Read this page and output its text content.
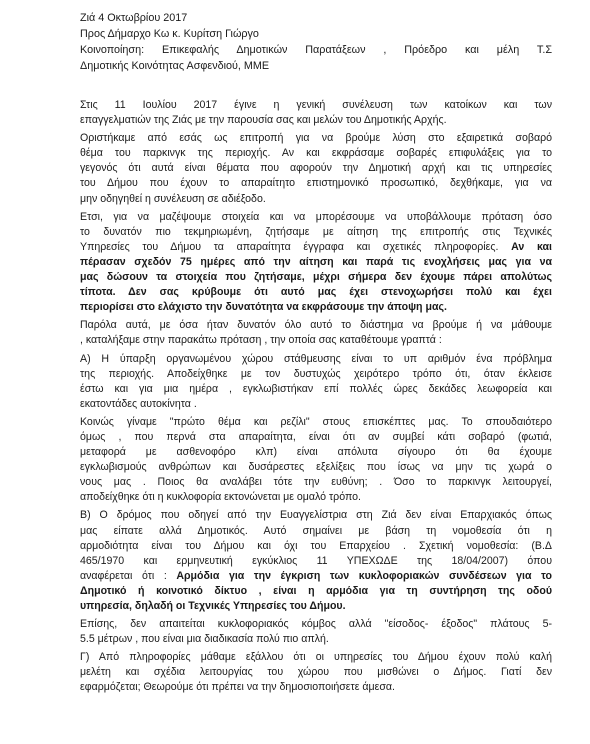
Ζιά 4 Οκτωβρίου 2017
Προς Δήμαρχο Κω κ. Κυρίτση Γιώργο
Κοινοποίηση: Επικεφαλής Δημοτικών Παρατάξεων , Πρόεδρο και μέλη Τ.Σ
Δημοτικής Κοινότητας Ασφενδιού, ΜΜΕ
Στις 11 Ιουλίου 2017 έγινε η γενική συνέλευση των κατοίκων και των
επαγγελματιών της Ζιάς με την παρουσία σας και μελών του Δημοτικής Αρχής.
Οριστήκαμε από εσάς ως επιτροπή για να βρούμε λύση στο εξαιρετικά σοβαρό
θέμα του παρκινγκ της περιοχής. Αν και εκφράσαμε σοβαρές επιφυλάξεις για το
γεγονός ότι αυτά είναι θέματα που αφορούν την Δημοτική αρχή και τις υπηρεσίες
του Δήμου που έχουν το απαραίτητο επιστημονικό προσωπικό, δεχθήκαμε, για να
μην οδηγηθεί η συνέλευση σε αδιέξοδο.
Ετσι, για να μαζέψουμε στοιχεία και να μπορέσουμε να υποβάλλουμε πρόταση όσο
το δυνατόν πιο τεκμηριωμένη, ζητήσαμε με αίτηση της επιτροπής στις Τεχνικές
Υπηρεσίες του Δήμου τα απαραίτητα έγγραφα και σχετικές πληροφορίες. Αν και
πέρασαν σχεδόν 75 ημέρες από την αίτηση και παρά τις ενοχλήσεις μας για να
μας δώσουν τα στοιχεία που ζητήσαμε, μέχρι σήμερα δεν έχουμε πάρει απολύτως
τίποτα. Δεν σας κρύβουμε ότι αυτό μας έχει στενοχωρήσει πολύ και έχει
περιορίσει στο ελάχιστο την δυνατότητα να εκφράσουμε την άποψη μας.
Παρόλα αυτά, με όσα ήταν δυνατόν όλο αυτό το διάστημα να βρούμε ή να μάθουμε
, καταλήξαμε στην παρακάτω πρόταση , την οποία σας καταθέτουμε γραπτά :
Α) Η ύπαρξη οργανωμένου χώρου στάθμευσης είναι το υπ αριθμόν ένα πρόβλημα
της περιοχής. Αποδείχθηκε με τον δυστυχώς χειρότερο τρόπο ότι, όταν έκλεισε
έστω και για μια ημέρα , εγκλωβιστήκαν επί πολλές ώρες δεκάδες λεωφορεία και
εκατοντάδες αυτοκίνητα .
Κοινώς γίναμε "πρώτο θέμα και ρεζίλι" στους επισκέπτες μας. Το σπουδαιότερο
όμως , που περνά στα απαραίτητα, είναι ότι αν συμβεί κάτι σοβαρό (φωτιά,
μεταφορά με ασθενοφόρο κλπ) είναι απόλυτα σίγουρο ότι θα έχουμε
εγκλωβισμούς ανθρώπων και δυσάρεστες εξελίξεις που ίσως να μην τις χωρά ο
νους μας . Ποιος θα αναλάβει τότε την ευθύνη; . Όσο το παρκινγκ λειτουργεί,
αποδείχθηκε ότι η κυκλοφορία εκτονώνεται με ομαλό τρόπο.
Β) Ο δρόμος που οδηγεί από την Ευαγγελίστρια στη Ζιά δεν είναι Επαρχιακός όπως
μας είπατε αλλά Δημοτικός. Αυτό σημαίνει με βάση τη νομοθεσία ότι η
αρμοδιότητα είναι του Δήμου και όχι του Επαρχείου . Σχετική νομοθεσία: (Β.Δ
465/1970 και ερμηνευτική εγκύκλιος 11 ΥΠΕΧΩΔΕ της 18/04/2007) όπου
αναφέρεται ότι : Αρμόδια για την έγκριση των κυκλοφοριακών συνδέσεων για το
Δημοτικό ή κοινοτικό δίκτυο , είναι η αρμόδια για τη συντήρηση της οδού
υπηρεσία, δηλαδή οι Τεχνικές Υπηρεσίες του Δήμου.
Επίσης, δεν απαιτείται κυκλοφοριακός κόμβος αλλά "είσοδος- έξοδος" πλάτους 5-
5.5 μέτρων , που είναι μια διαδικασία πολύ πιο απλή.
Γ) Από πληροφορίες μάθαμε εξάλλου ότι οι υπηρεσίες του Δήμου έχουν πολύ καλή
μελέτη και σχέδια λειτουργίας του χώρου που μισθώνει ο Δήμος. Γιατί δεν
εφαρμόζεται; Θεωρούμε ότι πρέπει να την δημοσιοποιήσετε άμεσα.
